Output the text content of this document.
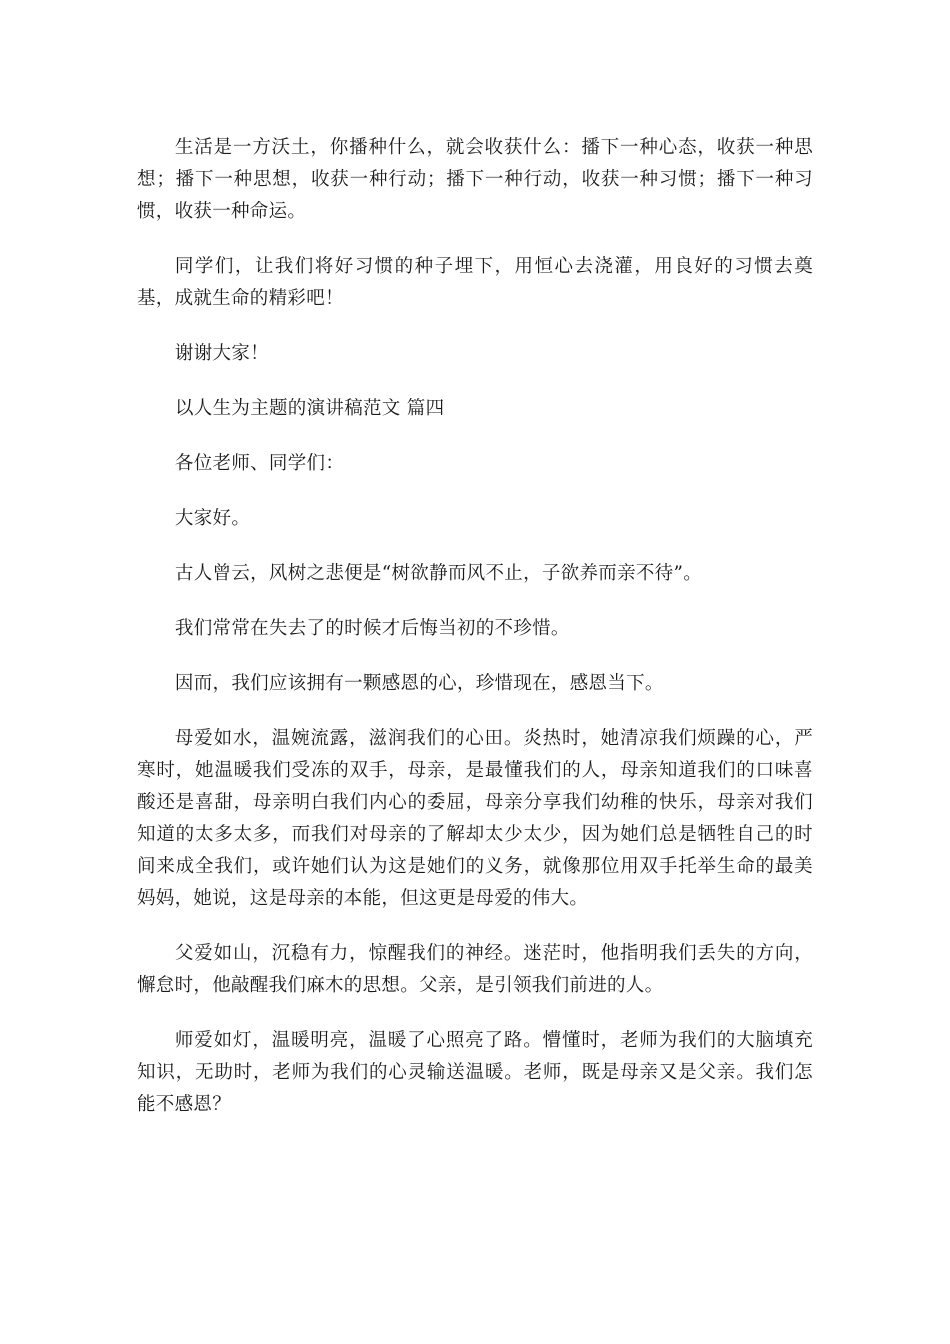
生活是一方沃土，你播种什么，就会收获什么：播下一种心态，收获一种思想；播下一种思想，收获一种行动；播下一种行动，收获一种习惯；播下一种习惯，收获一种命运。

同学们，让我们将好习惯的种子埋下，用恒心去浇灌，用良好的习惯去奠基，成就生命的精彩吧！

谢谢大家！

以人生为主题的演讲稿范文 篇四

各位老师、同学们：

大家好。

古人曾云，风树之悲便是“树欲静而风不止，子欲养而亲不待”。

我们常常在失去了的时候才后悔当初的不珍惜。

因而，我们应该拥有一颗感恩的心，珍惜现在，感恩当下。

母爱如水，温婉流露，滋润我们的心田。炎热时，她清凉我们烦躁的心，严寒时，她温暖我们受冻的双手，母亲，是最懂我们的人，母亲知道我们的口味喜酸还是喜甜，母亲明白我们内心的委屈，母亲分享我们幼稚的快乐，母亲对我们知道的太多太多，而我们对母亲的了解却太少太少，因为她们总是牺牲自己的时间来成全我们，或许她们认为这是她们的义务，就像那位用双手托举生命的最美妈妈，她说，这是母亲的本能，但这更是母爱的伟大。

父爱如山，沉稳有力，惊醒我们的神经。迷茫时，他指明我们丢失的方向，懈怠时，他敲醒我们麻木的思想。父亲，是引领我们前进的人。

师爱如灯，温暖明亮，温暖了心照亮了路。懵懂时，老师为我们的大脑填充知识，无助时，老师为我们的心灵输送温暖。老师，既是母亲又是父亲。我们怎能不感恩？
